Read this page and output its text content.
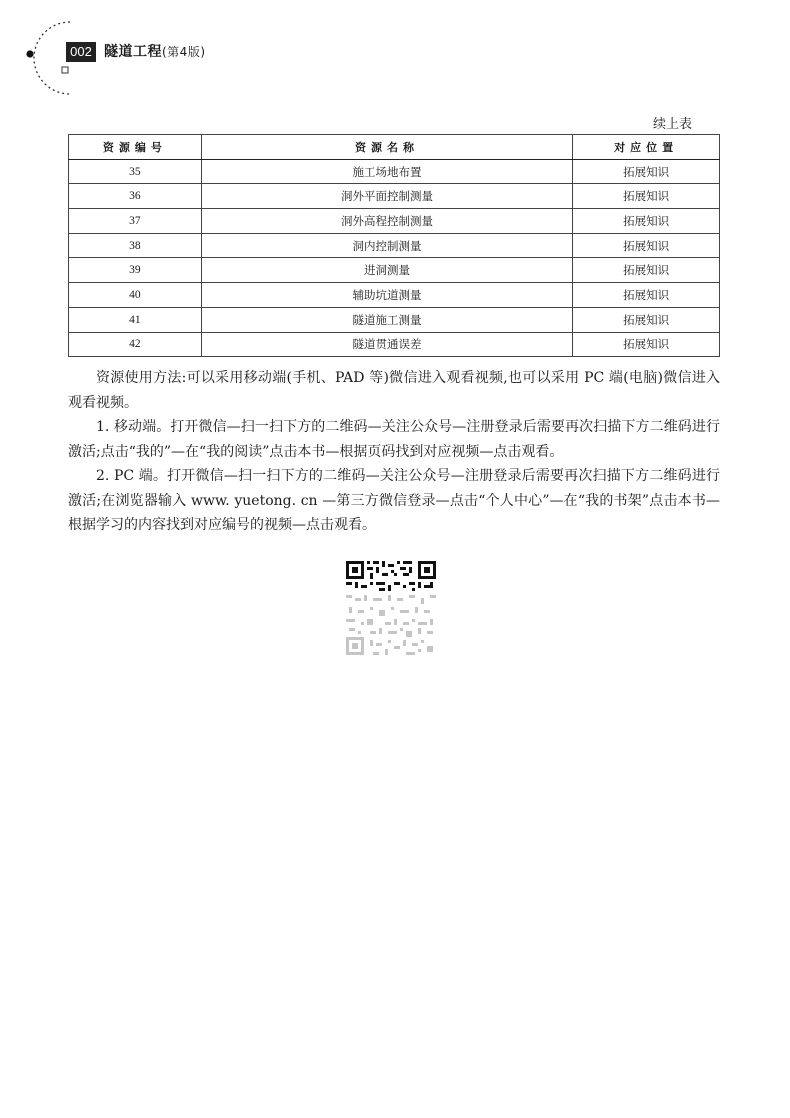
002 隧道工程(第4版)
续上表
资源编号	资源名称	对应位置
35	施工场地布置	拓展知识
36	洞外平面控制测量	拓展知识
37	洞外高程控制测量	拓展知识
38	洞内控制测量	拓展知识
39	进洞测量	拓展知识
40	辅助坑道测量	拓展知识
41	隧道施工测量	拓展知识
42	隧道贯通误差	拓展知识

资源使用方法:可以采用移动端(手机、PAD 等)微信进入观看视频,也可以采用 PC 端(电脑)微信进入观看视频。

1. 移动端。打开微信—扫一扫下方的二维码—关注公众号—注册登录后需要再次扫描下方二维码进行激活;点击“我的”—在“我的阅读”点击本书—根据页码找到对应视频—点击观看。

2. PC 端。打开微信—扫一扫下方的二维码—关注公众号—注册登录后需要再次扫描下方二维码进行激活;在浏览器输入 www. yuetong. cn —第三方微信登录—点击“个人中心”—在“我的书架”点击本书—根据学习的内容找到对应编号的视频—点击观看。
